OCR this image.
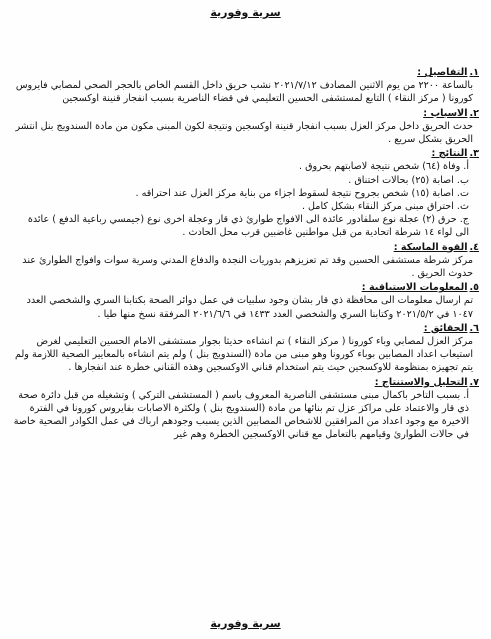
سرية وفورية

١.التفاصيل :

بالساعة ٢٢٠٠ من يوم الاثنين المصادف ٢٠٢١/٧/١٢ نشب حريق داخل القسم الخاص بالحجر الصحي لمصابي فايروس كورونا ( مركز النقاء ) التابع لمستشفى الحسين التعليمي في قضاء الناصرية بسبب انفجار قنينة اوكسجين

٢.الاسباب :

حدث الحريق داخل مركز العزل بسبب انفجار قنينة اوكسجين ونتيجة لكون المبنى مكون من مادة السندويج بنل انتشر الحريق بشكل سريع .

٣.النتائج :

أ. وفاة (٦٤) شخص نتيجة لاصابتهم بحروق .

ب. اصابة (٢٥) بحالات اختناق .

ت. اصابة (١٥) شخص بجروح نتيجة لسقوط اجزاء من بناية مركز العزل عند احتراقه .

ث. احتراق مبنى مركز النقاء بشكل كامل .

ج. حرق (٢) عجلة نوع سلفادور عائدة الى الافواج طوارئ ذي قار وعجلة اخرى نوع (جيمسي رباعية الدفع ) عائدة الى لواء ١٤ شرطة اتحادية من قبل مواطنين غاضبين قرب محل الحادث .

٤.القوة الماسكة :

مركز شرطة مستشفى الحسين وقد تم تعزيزهم بدوريات النجدة والدفاع المدني وسرية سوات وافواج الطوارئ عند حدوث الحريق .

٥.المعلومات الاستباقية :

تم ارسال معلومات الى محافظة ذي قار بشان وجود سلبيات في عمل دوائر الصحة بكتابنا السري والشخصي العدد ١٠٤٧ في ٢٠٢١/٥/٢ وكتابنا السري والشخصي العدد ١٤٣٣ في ٢٠٢١/٦/٦ المرفقة نسخ منها طيا .

٦.الحقائق :

مركز العزل لمصابي وباء كورونا ( مركز النقاء ) تم انشاءه حديثا بجوار مستشفى الامام الحسين التعليمي لغرض استيعاب اعداد المصابين بوباء كورونا وهو مبنى من مادة (السندويج بنل ) ولم يتم انشاءه بالمعايير الصحية اللازمة ولم يتم تجهيزه بمنظومة للاوكسجين حيث يتم استخدام قناني الاوكسجين وهذه القناني خطرة عند انفجارها .

٧.التحليل والاستنتاج :

أ. بسبب التاخر باكمال مبنى مستشفى الناصرية المعروف باسم ( المستشفى التركي ) وتشغيله من قبل دائرة صحة ذي قار والاعتماد على مراكز عزل تم بنائها من مادة (السندويج بنل ) ولكثرة الاصابات بفايروس كورونا في الفترة الاخيرة مع وجود اعداد من المرافقين للاشخاص المصابين الذين يسبب وجودهم ارباك في عمل الكوادر الصحية خاصة في حالات الطوارئ وقيامهم بالتعامل مع قناني الاوكسجين الخطرة وهم غير

سرية وفورية
